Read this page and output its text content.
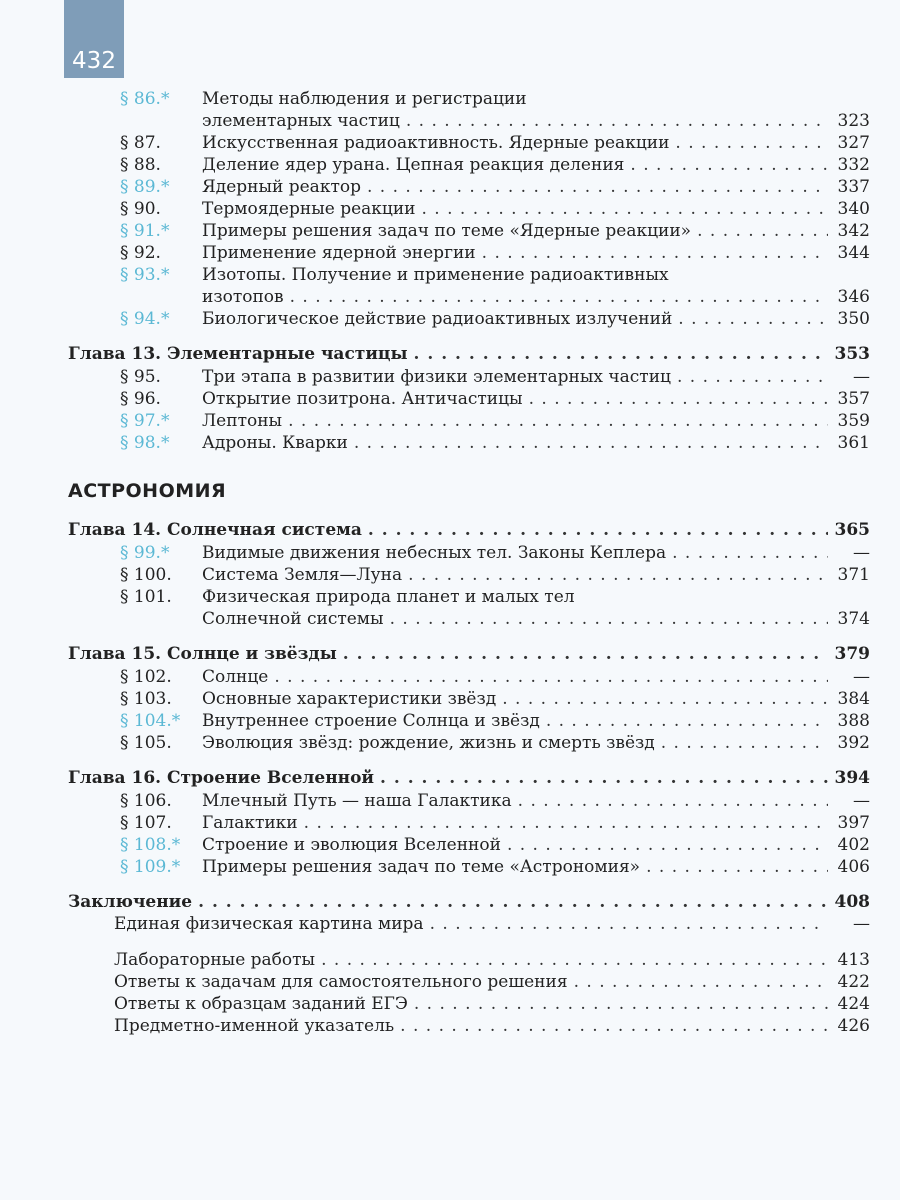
432
§ 86.* Методы наблюдения и регистрации
элементарных частиц . . .	323
§ 87. Искусственная радиоактивность. Ядерные реакции . . .	327
§ 88. Деление ядер урана. Цепная реакция деления . . .	332
§ 89.* Ядерный реактор . . .	337
§ 90. Термоядерные реакции . . .	340
§ 91.* Примеры решения задач по теме «Ядерные реакции» . . .	342
§ 92. Применение ядерной энергии . . .	344
§ 93.* Изотопы. Получение и применение радиоактивных
изотопов . . .	346
§ 94.* Биологическое действие радиоактивных излучений . . .	350
Глава 13. Элементарные частицы . . .	353
§ 95. Три этапа в развитии физики элементарных частиц . . .	—
§ 96. Открытие позитрона. Античастицы . . .	357
§ 97.* Лептоны . . .	359
§ 98.* Адроны. Кварки . . .	361
АСТРОНОМИЯ
Глава 14. Солнечная система . . .	365
§ 99.* Видимые движения небесных тел. Законы Кеплера . . .	—
§ 100. Система Земля—Луна . . .	371
§ 101. Физическая природа планет и малых тел
Солнечной системы . . .	374
Глава 15. Солнце и звёзды . . .	379
§ 102. Солнце . . .	—
§ 103. Основные характеристики звёзд . . .	384
§ 104.* Внутреннее строение Солнца и звёзд . . .	388
§ 105. Эволюция звёзд: рождение, жизнь и смерть звёзд . . .	392
Глава 16. Строение Вселенной . . .	394
§ 106. Млечный Путь — наша Галактика . . .	—
§ 107. Галактики . . .	397
§ 108.* Строение и эволюция Вселенной . . .	402
§ 109.* Примеры решения задач по теме «Астрономия» . . .	406
Заключение . . .	408
Единая физическая картина мира . . .	—
Лабораторные работы . . .	413
Ответы к задачам для самостоятельного решения . . .	422
Ответы к образцам заданий ЕГЭ . . .	424
Предметно-именной указатель . . .	426
